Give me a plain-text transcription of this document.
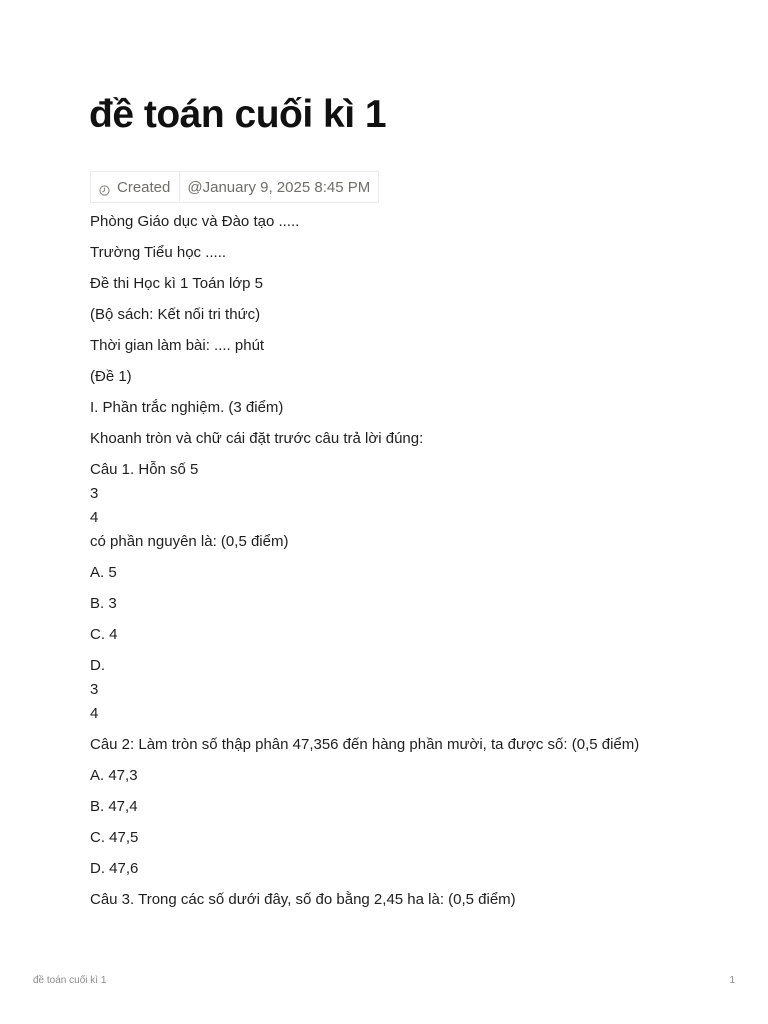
đề toán cuối kì 1
Created	@January 9, 2025 8:45 PM

Phòng Giáo dục và Đào tạo .....

Trường Tiểu học .....

Đề thi Học kì 1 Toán lớp 5

(Bộ sách: Kết nối tri thức)

Thời gian làm bài: .... phút

(Đề 1)

I. Phần trắc nghiệm. (3 điểm)

Khoanh tròn và chữ cái đặt trước câu trả lời đúng:

Câu 1. Hỗn số 5
3
4
có phần nguyên là: (0,5 điểm)

A. 5

B. 3

C. 4

D.
3
4

Câu 2: Làm tròn số thập phân 47,356 đến hàng phần mười, ta được số: (0,5 điểm)

A. 47,3

B. 47,4

C. 47,5

D. 47,6

Câu 3. Trong các số dưới đây, số đo bằng 2,45 ha là: (0,5 điểm)

đề toán cuối kì 1	1
